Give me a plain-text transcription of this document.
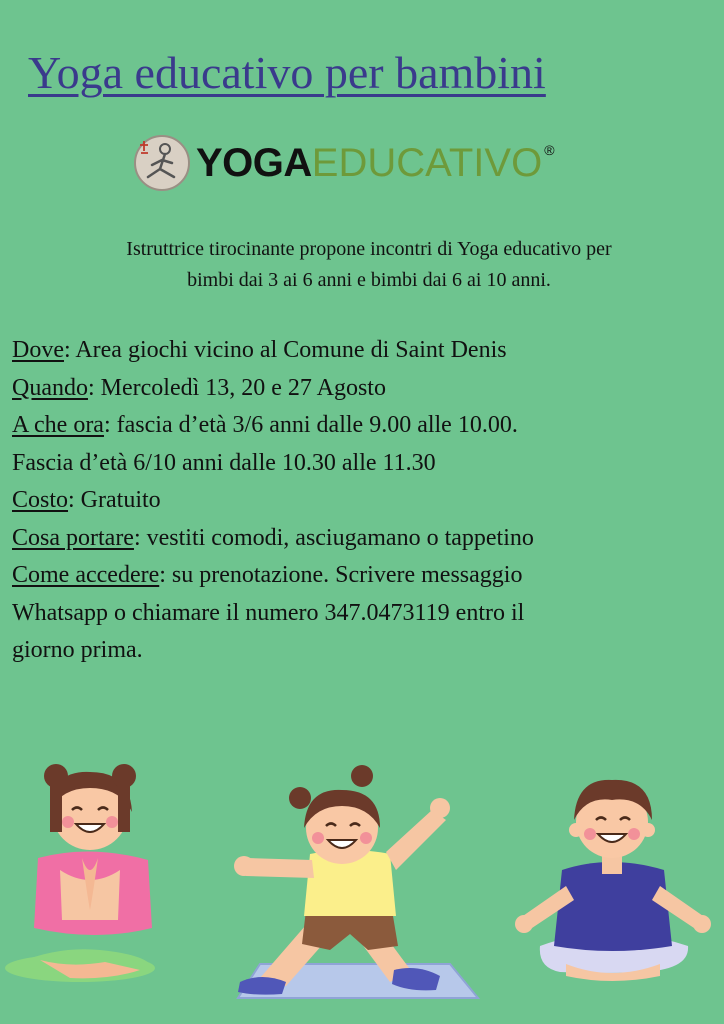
Yoga educativo per bambini
YOGAEDUCATIVO ®
Istruttrice tirocinante propone incontri di Yoga educativo per
bimbi dai 3 ai 6 anni e bimbi dai 6 ai 10 anni.
Dove: Area giochi vicino al Comune di Saint Denis
Quando: Mercoledì 13, 20 e 27 Agosto
A che ora: fascia d’età 3/6 anni dalle 9.00 alle 10.00.
Fascia d’età 6/10 anni dalle 10.30 alle 11.30
Costo: Gratuito
Cosa portare: vestiti comodi, asciugamano o tappetino
Come accedere: su prenotazione. Scrivere messaggio
Whatsapp o chiamare il numero 347.0473119 entro il
giorno prima.
